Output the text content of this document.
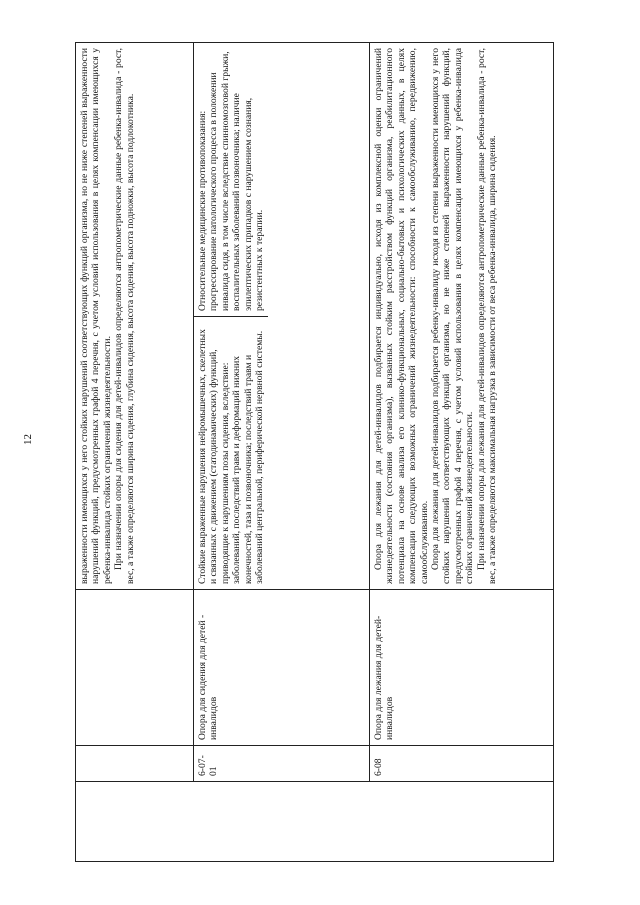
12

			выраженности имеющихся у него стойких нарушений соответствующих функций организма, но не ниже степеней выраженности нарушений функций, предусмотренных графой 4 перечня, с учетом условий использования в целях компенсации имеющихся у ребенка-инвалида стойких ограничений жизнедеятельности. При назначении опоры для сидения для детей-инвалидов определяются антропометрические данные ребенка-инвалида - рост, вес, а также определяются ширина сидения, глубина сидения, высота сидения, высота подножки, высота подлокотника.

	6-07-01	Опора для сидения для детей - инвалидов	Стойкие выраженные нарушения нейромышечных, скелетных и связанных с движением (статодинамических) функций, приводящие к нарушениям позы сидения, вследствие: заболеваний, последствий травм и деформаций нижних конечностей, таза и позвоночника; последствий травм и заболеваний центральной, периферической нервной системы.
Относительные медицинские противопоказания: прогрессирование патологического процесса в положении инвалида сидя, в том числе вследствие спинномозговой грыжи, воспалительных заболеваний позвоночника; наличие эпилептических припадков с нарушением сознания, резистентных к терапии.

	6-08	Опора для лежания для детей-инвалидов	Опора для лежания для детей-инвалидов подбирается индивидуально, исходя из комплексной оценки ограничений жизнедеятельности (состояния организма), вызванных стойким расстройством функций организма, реабилитационного потенциала на основе анализа его клинико-функциональных, социально-бытовых и психологических данных, в целях компенсации следующих возможных ограничений жизнедеятельности: способности к самообслуживанию, передвижению, самообслуживанию. Опора для лежания для детей-инвалидов подбирается ребенку-инвалиду исходя из степени выраженности имеющихся у него стойких нарушений соответствующих функций организма, но не ниже степеней выраженности нарушений функций, предусмотренных графой 4 перечня, с учетом условий использования в целях компенсации имеющихся у ребенка-инвалида стойких ограничений жизнедеятельности. При назначении опоры для лежания для детей-инвалидов определяются антропометрические данные ребенка-инвалида - рост, вес, а также определяются максимальная нагрузка в зависимости от веса ребенка-инвалида, ширина сидения.
